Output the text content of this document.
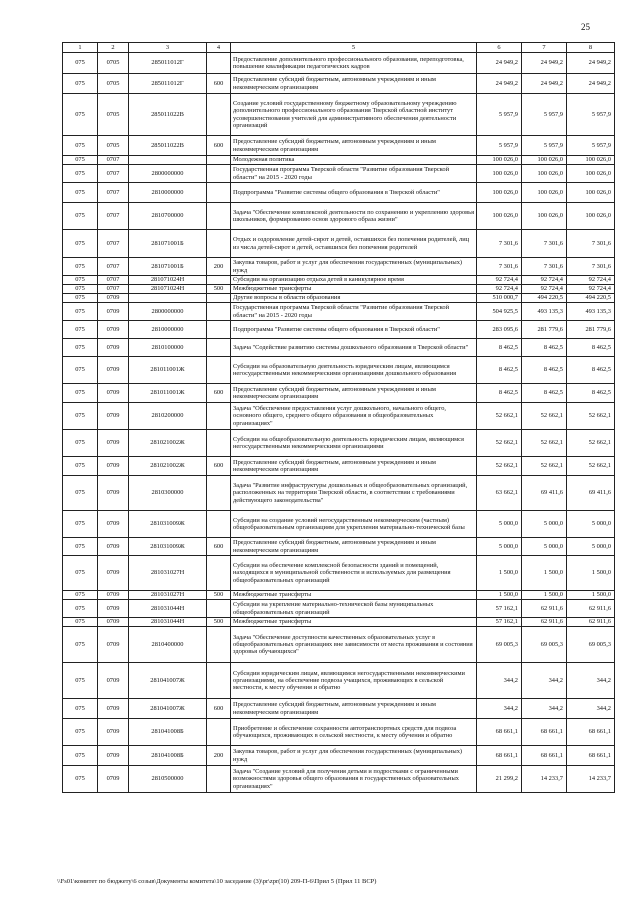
25
1	2	3	4	5	6	7	8
075	0705	285011012Г		Предоставление дополнительного профессионального образования, переподготовка, повышение квалификации педагогических кадров	24 949,2	24 949,2	24 949,2
075	0705	285011012Г	600	Предоставление субсидий бюджетным, автономным учреждениям и иным некоммерческим организациям	24 949,2	24 949,2	24 949,2
075	0705	285011022В		Создание условий государственному бюджетному образовательному учреждению дополнительного профессионального образования Тверской областной институт усовершенствования учителей для административного обеспечения деятельности организаций	5 957,9	5 957,9	5 957,9
075	0705	285011022В	600	Предоставление субсидий бюджетным, автономным учреждениям и иным некоммерческим организациям	5 957,9	5 957,9	5 957,9
075	0707			Молодежная политика	100 026,0	100 026,0	100 026,0
075	0707	2800000000		Государственная программа Тверской области "Развитие образования Тверской области" на 2015 - 2020 годы	100 026,0	100 026,0	100 026,0
075	0707	2810000000		Подпрограмма "Развитие системы общего образования в Тверской области"	100 026,0	100 026,0	100 026,0
075	0707	2810700000		Задача "Обеспечение комплексной деятельности по сохранению и укреплению здоровья школьников, формированию основ здорового образа жизни"	100 026,0	100 026,0	100 026,0
075	0707	281071001Б		Отдых и оздоровление детей-сирот и детей, оставшихся без попечения родителей, лиц из числа детей-сирот и детей, оставшихся без попечения родителей	7 301,6	7 301,6	7 301,6
075	0707	281071001Б	200	Закупка товаров, работ и услуг для обеспечения государственных (муниципальных) нужд	7 301,6	7 301,6	7 301,6
075	0707	281071024Н		Субсидии на организацию отдыха детей в каникулярное время	92 724,4	92 724,4	92 724,4
075	0707	281071024Н	500	Межбюджетные трансферты	92 724,4	92 724,4	92 724,4
075	0709			Другие вопросы в области образования	510 000,7	494 220,5	494 220,5
075	0709	2800000000		Государственная программа Тверской области "Развитие образования Тверской области" на 2015 - 2020 годы	504 925,5	493 135,3	493 135,3
075	0709	2810000000		Подпрограмма "Развитие системы общего образования в Тверской области"	283 095,6	281 779,6	281 779,6
075	0709	2810100000		Задача "Содействие развитию системы дошкольного образования в Тверской области"	8 462,5	8 462,5	8 462,5
075	0709	281011001Ж		Субсидии на образовательную деятельность юридическим лицам, являющимся негосударственными некоммерческими организациями дошкольного образования	8 462,5	8 462,5	8 462,5
075	0709	281011001Ж	600	Предоставление субсидий бюджетным, автономным учреждениям и иным некоммерческим организациям	8 462,5	8 462,5	8 462,5
075	0709	2810200000		Задача "Обеспечение предоставления услуг дошкольного, начального общего, основного общего, среднего общего образования в общеобразовательных организациях"	52 662,1	52 662,1	52 662,1
075	0709	281021002Ж		Субсидии на общеобразовательную деятельность юридическим лицам, являющимся негосударственными некоммерческими организациями	52 662,1	52 662,1	52 662,1
075	0709	281021002Ж	600	Предоставление субсидий бюджетным, автономным учреждениям и иным некоммерческим организациям	52 662,1	52 662,1	52 662,1
075	0709	2810300000		Задача "Развитие инфраструктуры дошкольных и общеобразовательных организаций, расположенных на территории Тверской области, в соответствии с требованиями действующего законодательства"	63 662,1	69 411,6	69 411,6
075	0709	281031009Ж		Субсидии на создание условий негосударственным некоммерческим (частным) общеобразовательным организациям для укрепления материально-технической базы	5 000,0	5 000,0	5 000,0
075	0709	281031009Ж	600	Предоставление субсидий бюджетным, автономным учреждениям и иным некоммерческим организациям	5 000,0	5 000,0	5 000,0
075	0709	281031027Н		Субсидии на обеспечение комплексной безопасности зданий и помещений, находящихся в муниципальной собственности и используемых для размещения общеобразовательных организаций	1 500,0	1 500,0	1 500,0
075	0709	281031027Н	500	Межбюджетные трансферты	1 500,0	1 500,0	1 500,0
075	0709	281031044Н		Субсидии на укрепление материально-технической базы муниципальных общеобразовательных организаций	57 162,1	62 911,6	62 911,6
075	0709	281031044Н	500	Межбюджетные трансферты	57 162,1	62 911,6	62 911,6
075	0709	2810400000		Задача "Обеспечение доступности качественных образовательных услуг в общеобразовательных организациях вне зависимости от места проживания и состояния здоровья обучающихся"	69 005,3	69 005,3	69 005,3
075	0709	281041007Ж		Субсидии юридическим лицам, являющимся негосударственными некоммерческими организациями, на обеспечение подвоза учащихся, проживающих в сельской местности, к месту обучения и обратно	344,2	344,2	344,2
075	0709	281041007Ж	600	Предоставление субсидий бюджетным, автономным учреждениям и иным некоммерческим организациям	344,2	344,2	344,2
075	0709	281041008Б		Приобретение и обеспечение сохранности автотранспортных средств для подвоза обучающихся, проживающих в сельской местности, к месту обучения и обратно	68 661,1	68 661,1	68 661,1
075	0709	281041008Б	200	Закупка товаров, работ и услуг для обеспечения государственных (муниципальных) нужд	68 661,1	68 661,1	68 661,1
075	0709	2810500000		Задача "Создание условий для получения детьми и подростками с ограниченными возможностями здоровья общего образования в государственных образовательных организациях"	21 299,2	14 233,7	14 233,7
\\Fs01\комитет по бюджету\6 созыв\Документы комитета\10 заседание (3)\pr\zpr(10) 209-П-6\Прил 5 (Прил 11 ВСР)
